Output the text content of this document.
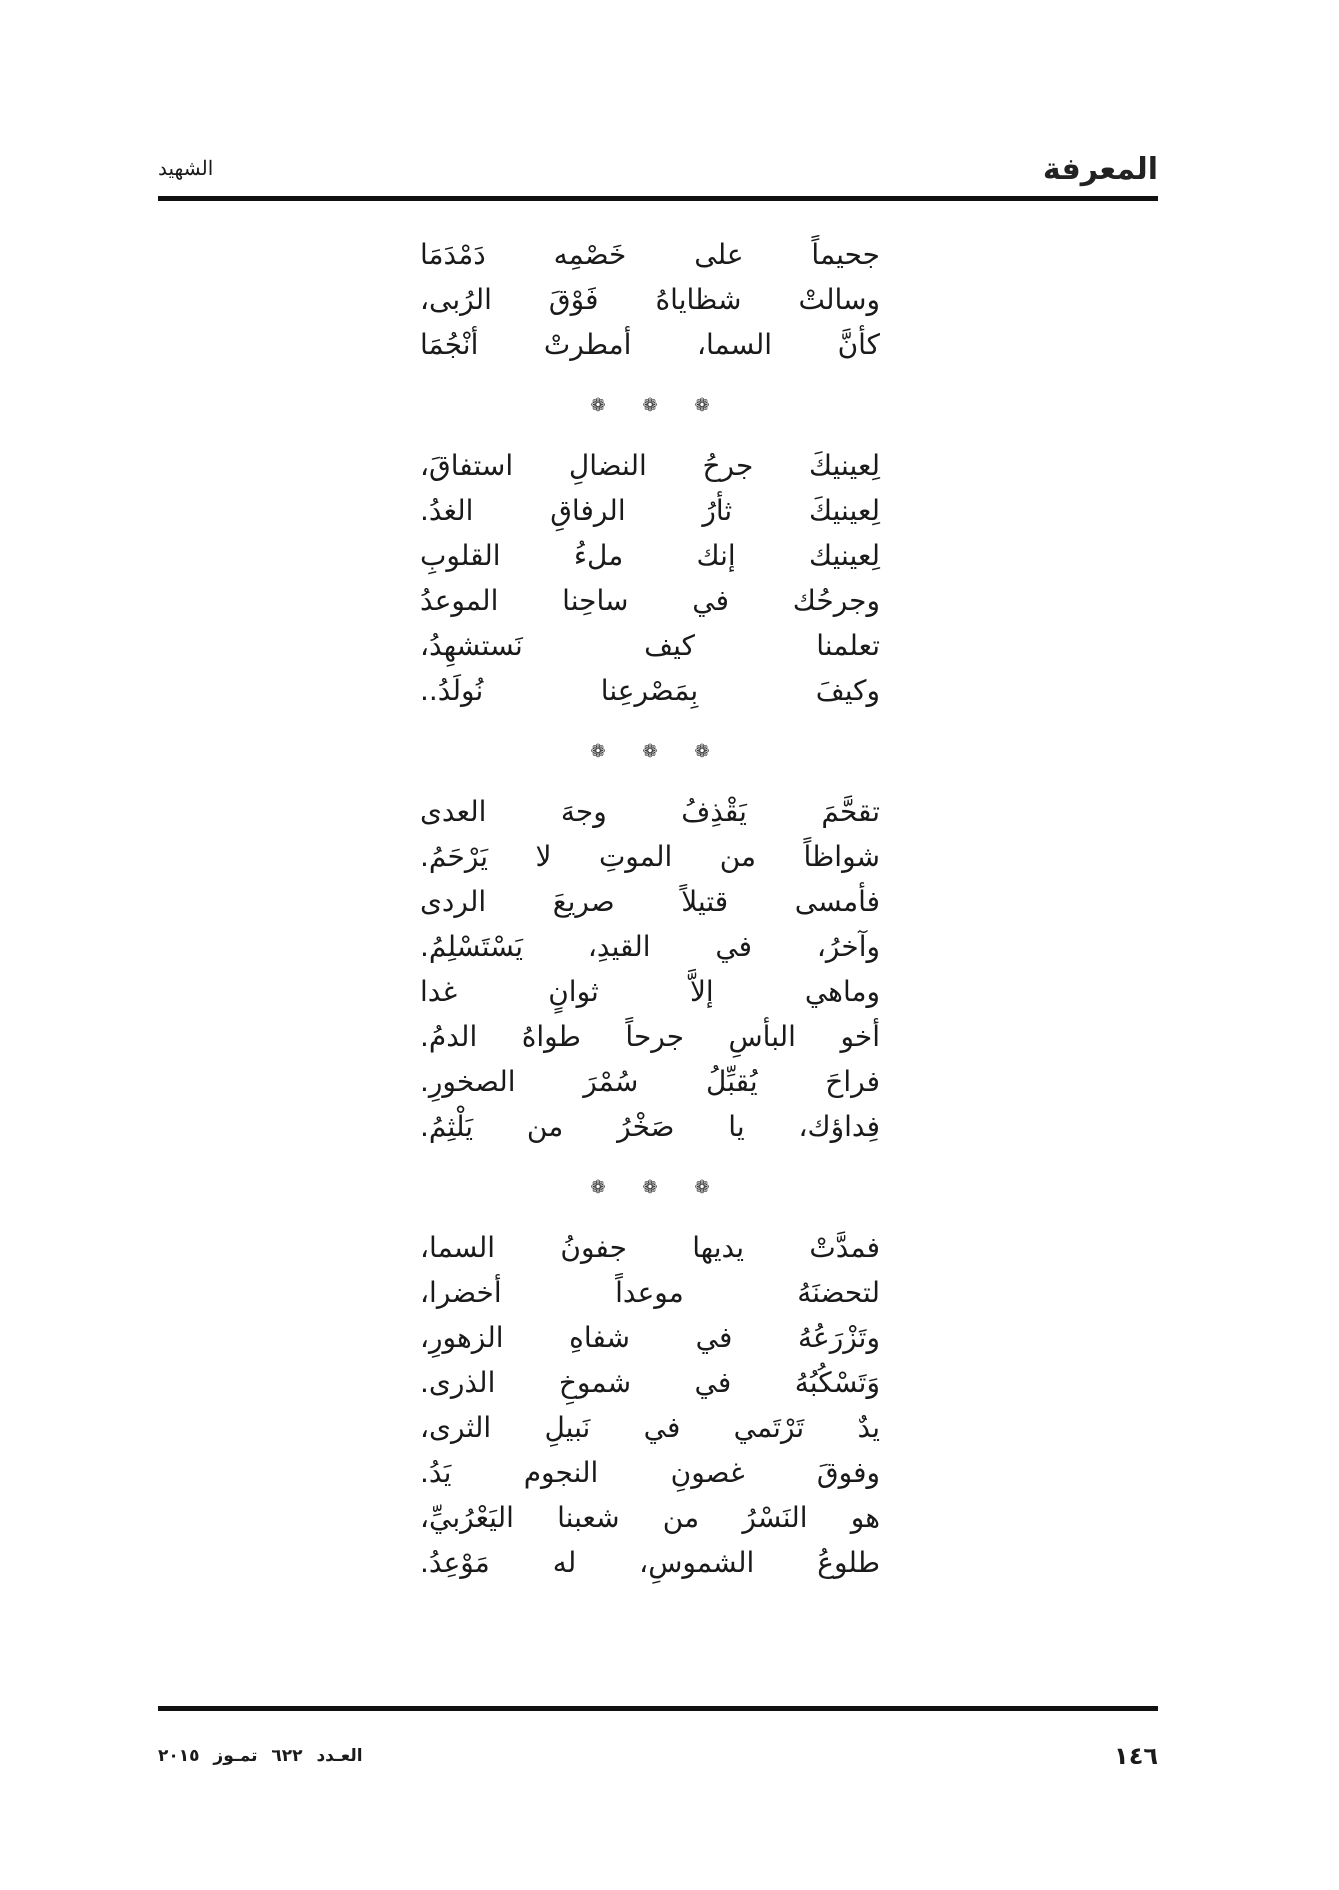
المعرفة
الشهيد
جحيماً على خَصْمِه دَمْدَمَا
وسالتْ شظاياهُ فَوْقَ الرُبى،
كأنَّ السما، أمطرتْ أنْجُمَا
❁ ❁ ❁
لِعينيكَ جرحُ النضالِ استفاقَ،
لِعينيكَ ثأرُ الرفاقِ الغدُ.
لِعينيك إنك ملءُ القلوبِ
وجرحُك في ساحِنا الموعدُ
تعلمنا كيف نَستشهِدُ،
وكيفَ بِمَصْرعِنا نُولَدُ..
❁ ❁ ❁
تقحَّمَ يَقْذِفُ وجهَ العدى
شواظاً من الموتِ لا يَرْحَمُ.
فأمسى قتيلاً صريعَ الردى
وآخرُ، في القيدِ، يَسْتَسْلِمُ.
وماهي إلاَّ ثوانٍ غدا
أخو البأسِ جرحاً طواهُ الدمُ.
فراحَ يُقبِّلُ سُمْرَ الصخورِ.
فِداؤك، يا صَخْرُ من يَلْثِمُ.
❁ ❁ ❁
فمدَّتْ يديها جفونُ السما،
لتحضنَهُ موعداً أخضرا،
وتَزْرَعُهُ في شفاهِ الزهورِ،
وَتَسْكُبُهُ في شموخِ الذرى.
يدٌ تَرْتَمي في نَبيلِ الثرى،
وفوقَ غصونِ النجوم يَدُ.
هو النَسْرُ من شعبنا اليَعْرُبيِّ،
طلوعُ الشموسِ، له مَوْعِدُ.
١٤٦
العـدد ٦٢٢ تمـوز ٢٠١٥
